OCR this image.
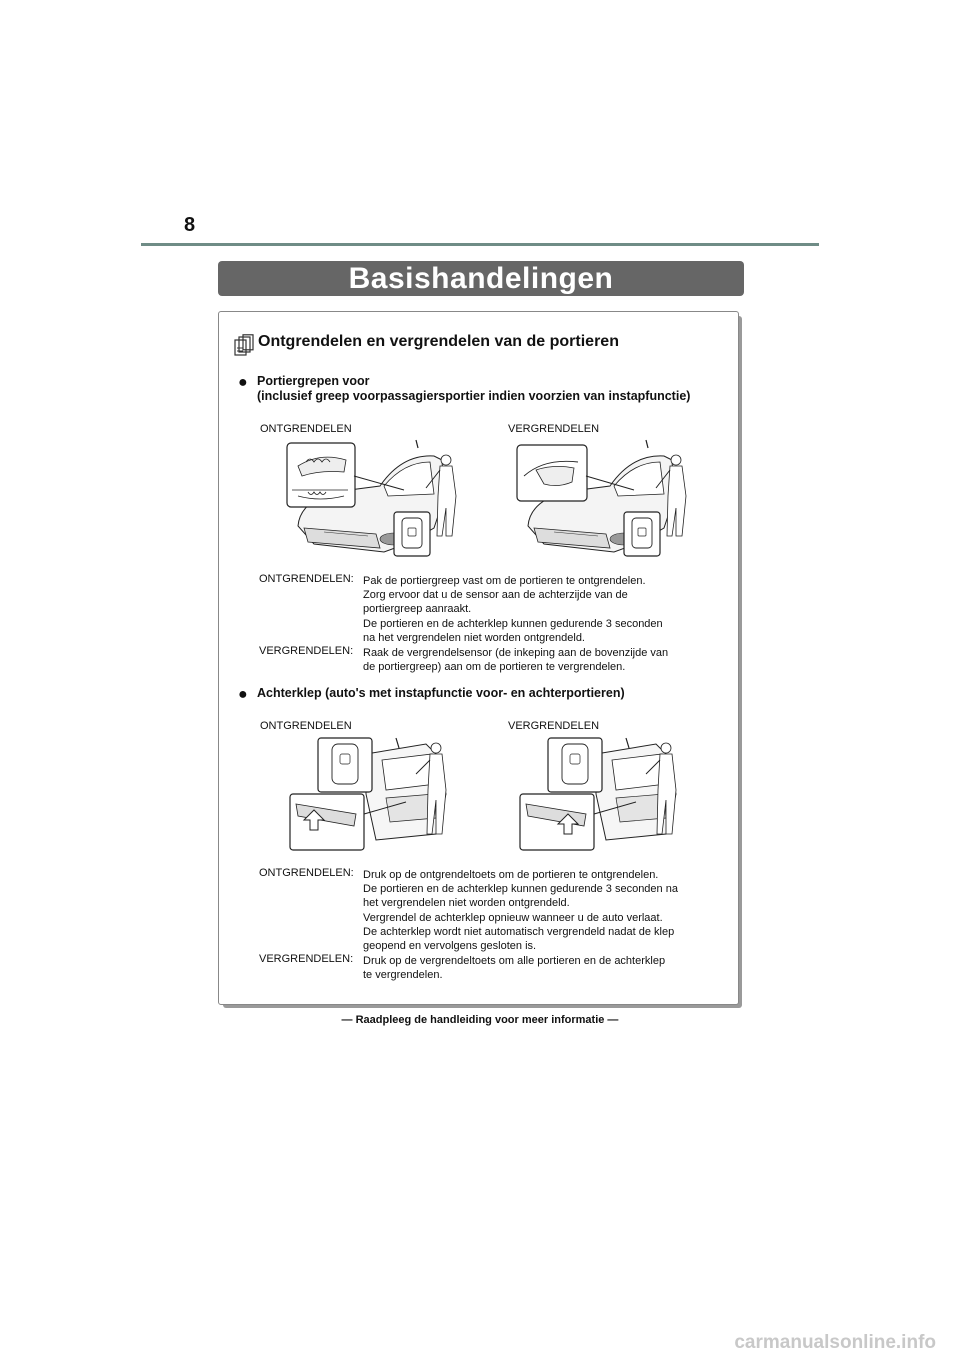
8
Basishandelingen
Ontgrendelen en vergrendelen van de portieren
● Portiergrepen voor
(inclusief greep voorpassagiersportier indien voorzien van instapfunctie)
ONTGRENDELEN	VERGRENDELEN
ONTGRENDELEN: Pak de portiergreep vast om de portieren te ontgrendelen.
Zorg ervoor dat u de sensor aan de achterzijde van de
portiergreep aanraakt.
De portieren en de achterklep kunnen gedurende 3 seconden
na het vergrendelen niet worden ontgrendeld.
VERGRENDELEN: Raak de vergrendelsensor (de inkeping aan de bovenzijde van
de portiergreep) aan om de portieren te vergrendelen.
● Achterklep (auto's met instapfunctie voor- en achterportieren)
ONTGRENDELEN	VERGRENDELEN
ONTGRENDELEN: Druk op de ontgrendeltoets om de portieren te ontgrendelen.
De portieren en de achterklep kunnen gedurende 3 seconden na
het vergrendelen niet worden ontgrendeld.
Vergrendel de achterklep opnieuw wanneer u de auto verlaat.
De achterklep wordt niet automatisch vergrendeld nadat de klep
geopend en vervolgens gesloten is.
VERGRENDELEN: Druk op de vergrendeltoets om alle portieren en de achterklep
te vergrendelen.
— Raadpleeg de handleiding voor meer informatie —
carmanualsonline.info
